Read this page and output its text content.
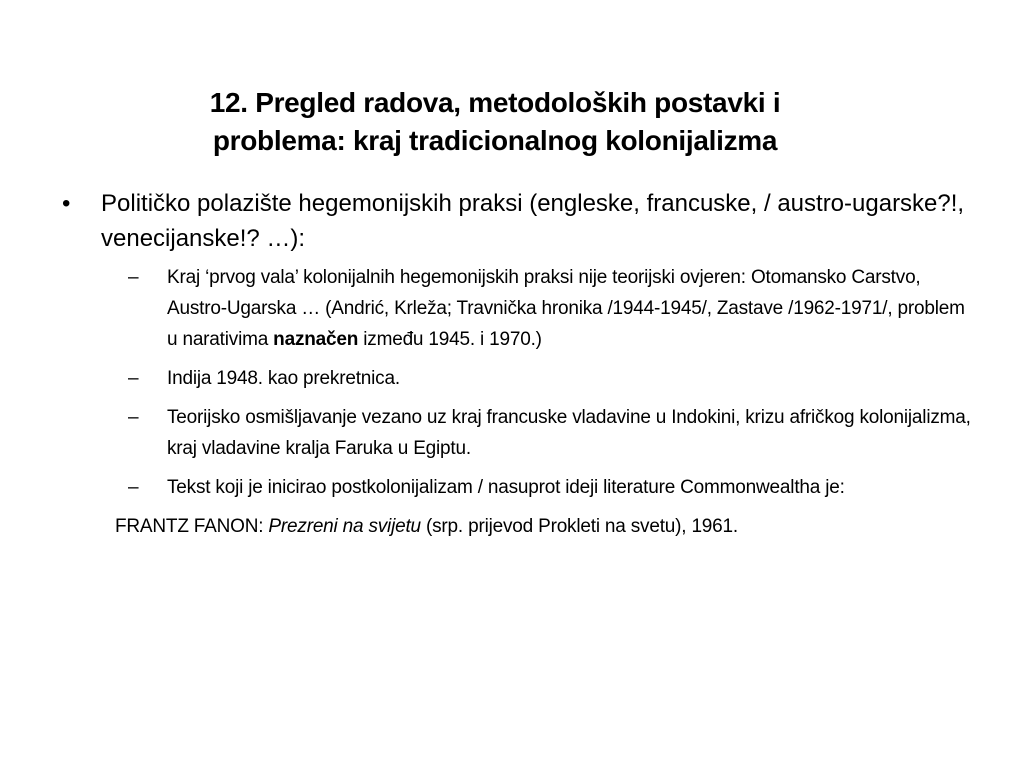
12. Pregled radova, metodoloških postavki i
problema: kraj tradicionalnog kolonijalizma
• Političko polazište hegemonijskih praksi (engleske, francuske, / austro-ugarske?!, venecijanske!? …):
– Kraj ‘prvog vala’ kolonijalnih hegemonijskih praksi nije teorijski ovjeren: Otomansko Carstvo, Austro-Ugarska … (Andrić, Krleža; Travnička hronika /1944-1945/, Zastave /1962-1971/, problem u narativima naznačen između 1945. i 1970.)
– Indija 1948. kao prekretnica.
– Teorijsko osmišljavanje vezano uz kraj francuske vladavine u Indokini, krizu afričkog kolonijalizma, kraj vladavine kralja Faruka u Egiptu.
– Tekst koji je inicirao postkolonijalizam / nasuprot ideji literature Commonwealtha je:
FRANTZ FANON: Prezreni na svijetu (srp. prijevod Prokleti na svetu), 1961.
